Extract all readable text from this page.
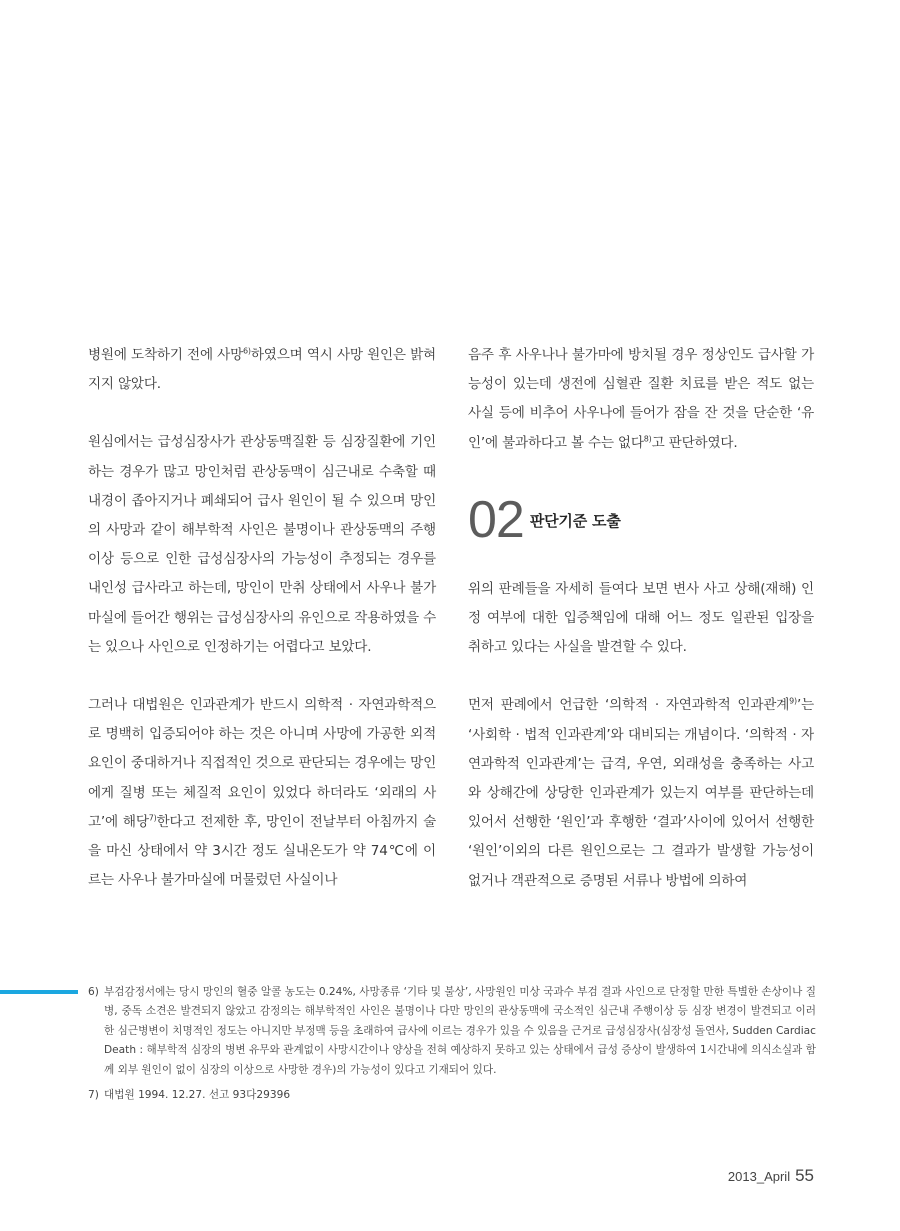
병원에 도착하기 전에 사망$^{6)}$하였으며 역시 사망 원인은 밝혀지지 않았다.

원심에서는 급성심장사가 관상동맥질환 등 심장질환에 기인하는 경우가 많고 망인처럼 관상동맥이 심근내로 수축할 때 내경이 좁아지거나 폐쇄되어 급사 원인이 될 수 있으며 망인의 사망과 같이 해부학적 사인은 불명이나 관상동맥의 주행이상 등으로 인한 급성심장사의 가능성이 추정되는 경우를 내인성 급사라고 하는데, 망인이 만취 상태에서 사우나 불가마실에 들어간 행위는 급성심장사의 유인으로 작용하였을 수는 있으나 사인으로 인정하기는 어렵다고 보았다.

그러나 대법원은 인과관계가 반드시 의학적 · 자연과학적으로 명백히 입증되어야 하는 것은 아니며 사망에 가공한 외적 요인이 중대하거나 직접적인 것으로 판단되는 경우에는 망인에게 질병 또는 체질적 요인이 있었다 하더라도 ‘외래의 사고’에 해당$^{7)}$한다고 전제한 후, 망인이 전날부터 아침까지 술을 마신 상태에서 약 3시간 정도 실내온도가 약 74℃에 이르는 사우나 불가마실에 머물렀던 사실이나

음주 후 사우나나 불가마에 방치될 경우 정상인도 급사할 가능성이 있는데 생전에 심혈관 질환 치료를 받은 적도 없는 사실 등에 비추어 사우나에 들어가 잠을 잔 것을 단순한 ‘유인’에 불과하다고 볼 수는 없다$^{8)}$고 판단하였다.

02 판단기준 도출

위의 판례들을 자세히 들여다 보면 변사 사고 상해(재해) 인정 여부에 대한 입증책임에 대해 어느 정도 일관된 입장을 취하고 있다는 사실을 발견할 수 있다.

먼저 판례에서 언급한 ‘의학적 · 자연과학적 인과관계$^{9)}$’는 ‘사회학 · 법적 인과관계’와 대비되는 개념이다. ‘의학적 · 자연과학적 인과관계’는 급격, 우연, 외래성을 충족하는 사고와 상해간에 상당한 인과관계가 있는지 여부를 판단하는데 있어서 선행한 ‘원인’과 후행한 ‘결과’사이에 있어서 선행한 ‘원인’이외의 다른 원인으로는 그 결과가 발생할 가능성이 없거나 객관적으로 증명된 서류나 방법에 의하여

6) 부검감정서에는 당시 망인의 혈중 알콜 농도는 0.24%, 사망종류 ‘기타 및 불상’, 사망원인 미상 국과수 부검 결과 사인으로 단정할 만한 특별한 손상이나 질병, 중독 소견은 발견되지 않았고 감정의는 해부학적인 사인은 불명이나 다만 망인의 관상동맥에 국소적인 심근내 주행이상 등 심장 변경이 발견되고 이러한 심근병변이 치명적인 정도는 아니지만 부정맥 등을 초래하여 급사에 이르는 경우가 있을 수 있음을 근거로 급성심장사(심장성 돌연사, Sudden Cardiac Death : 해부학적 심장의 병변 유무와 관계없이 사망시간이나 양상을 전혀 예상하지 못하고 있는 상태에서 급성 증상이 발생하여 1시간내에 의식소실과 함께 외부 원인이 없이 심장의 이상으로 사망한 경우)의 가능성이 있다고 기재되어 있다.
7) 대법원 1994. 12.27. 선고 93다29396
2013_April 55
